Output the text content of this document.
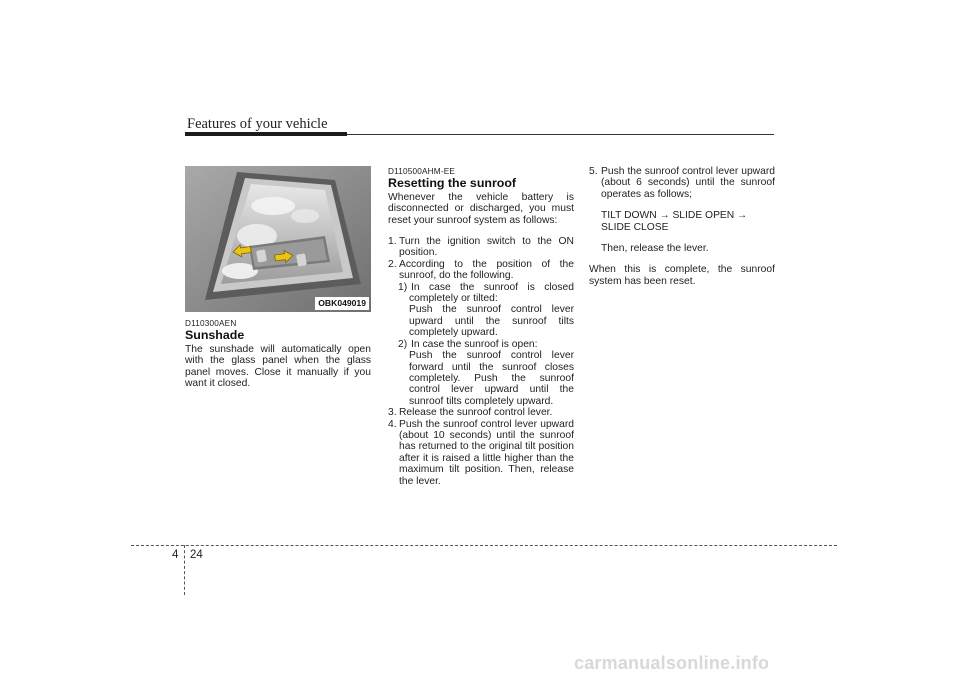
Features of your vehicle
OBK049019
D110300AEN
Sunshade

The sunshade will automatically open with the glass panel when the glass panel moves. Close it manually if you want it closed.

D110500AHM-EE
Resetting the sunroof

Whenever the vehicle battery is disconnected or discharged, you must reset your sunroof system as follows:

1. Turn the ignition switch to the ON position.
2. According to the position of the sunroof, do the following.
1) In case the sunroof is closed completely or tilted:
Push the sunroof control lever upward until the sunroof tilts completely upward.
2) In case the sunroof is open:
Push the sunroof control lever forward until the sunroof closes completely. Push the sunroof control lever upward until the sunroof tilts completely upward.
3. Release the sunroof control lever.
4. Push the sunroof control lever upward (about 10 seconds) until the sunroof has returned to the original tilt position after it is raised a little higher than the maximum tilt position. Then, release the lever.
5. Push the sunroof control lever upward (about 6 seconds) until the sunroof operates as follows;
TILT DOWN → SLIDE OPEN →
SLIDE CLOSE
Then, release the lever.

When this is complete, the sunroof system has been reset.

4 24
carmanualsonline.info
